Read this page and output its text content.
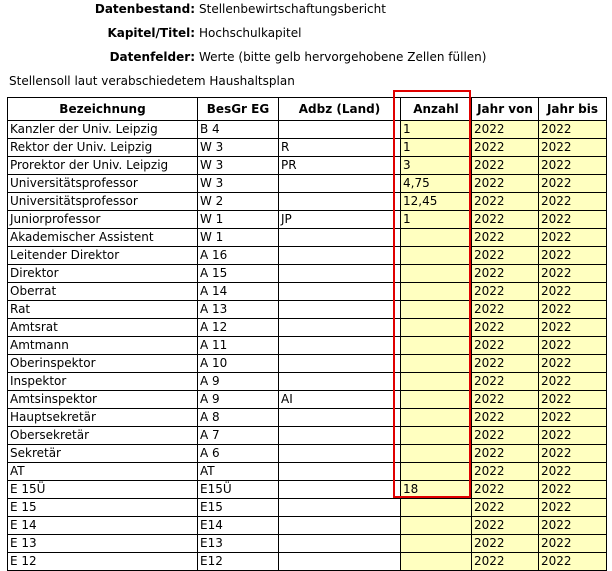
Datenbestand: Stellenbewirtschaftungsbericht
Kapitel/Titel: Hochschulkapitel
Datenfelder: Werte (bitte gelb hervorgehobene Zellen füllen)
Stellensoll laut verabschiedetem Haushaltsplan
Bezeichnung	BesGr EG	Adbz (Land)	Anzahl	Jahr von	Jahr bis
Kanzler der Univ. Leipzig	B 4		1	2022	2022
Rektor der Univ. Leipzig	W 3	R	1	2022	2022
Prorektor der Univ. Leipzig	W 3	PR	3	2022	2022
Universitätsprofessor	W 3		4,75	2022	2022
Universitätsprofessor	W 2		12,45	2022	2022
Juniorprofessor	W 1	JP	1	2022	2022
Akademischer Assistent	W 1			2022	2022
Leitender Direktor	A 16			2022	2022
Direktor	A 15			2022	2022
Oberrat	A 14			2022	2022
Rat	A 13			2022	2022
Amtsrat	A 12			2022	2022
Amtmann	A 11			2022	2022
Oberinspektor	A 10			2022	2022
Inspektor	A 9			2022	2022
Amtsinspektor	A 9	AI		2022	2022
Hauptsekretär	A 8			2022	2022
Obersekretär	A 7			2022	2022
Sekretär	A 6			2022	2022
AT	AT			2022	2022
E 15Ü	E15Ü		18	2022	2022
E 15	E15			2022	2022
E 14	E14			2022	2022
E 13	E13			2022	2022
E 12	E12			2022	2022
